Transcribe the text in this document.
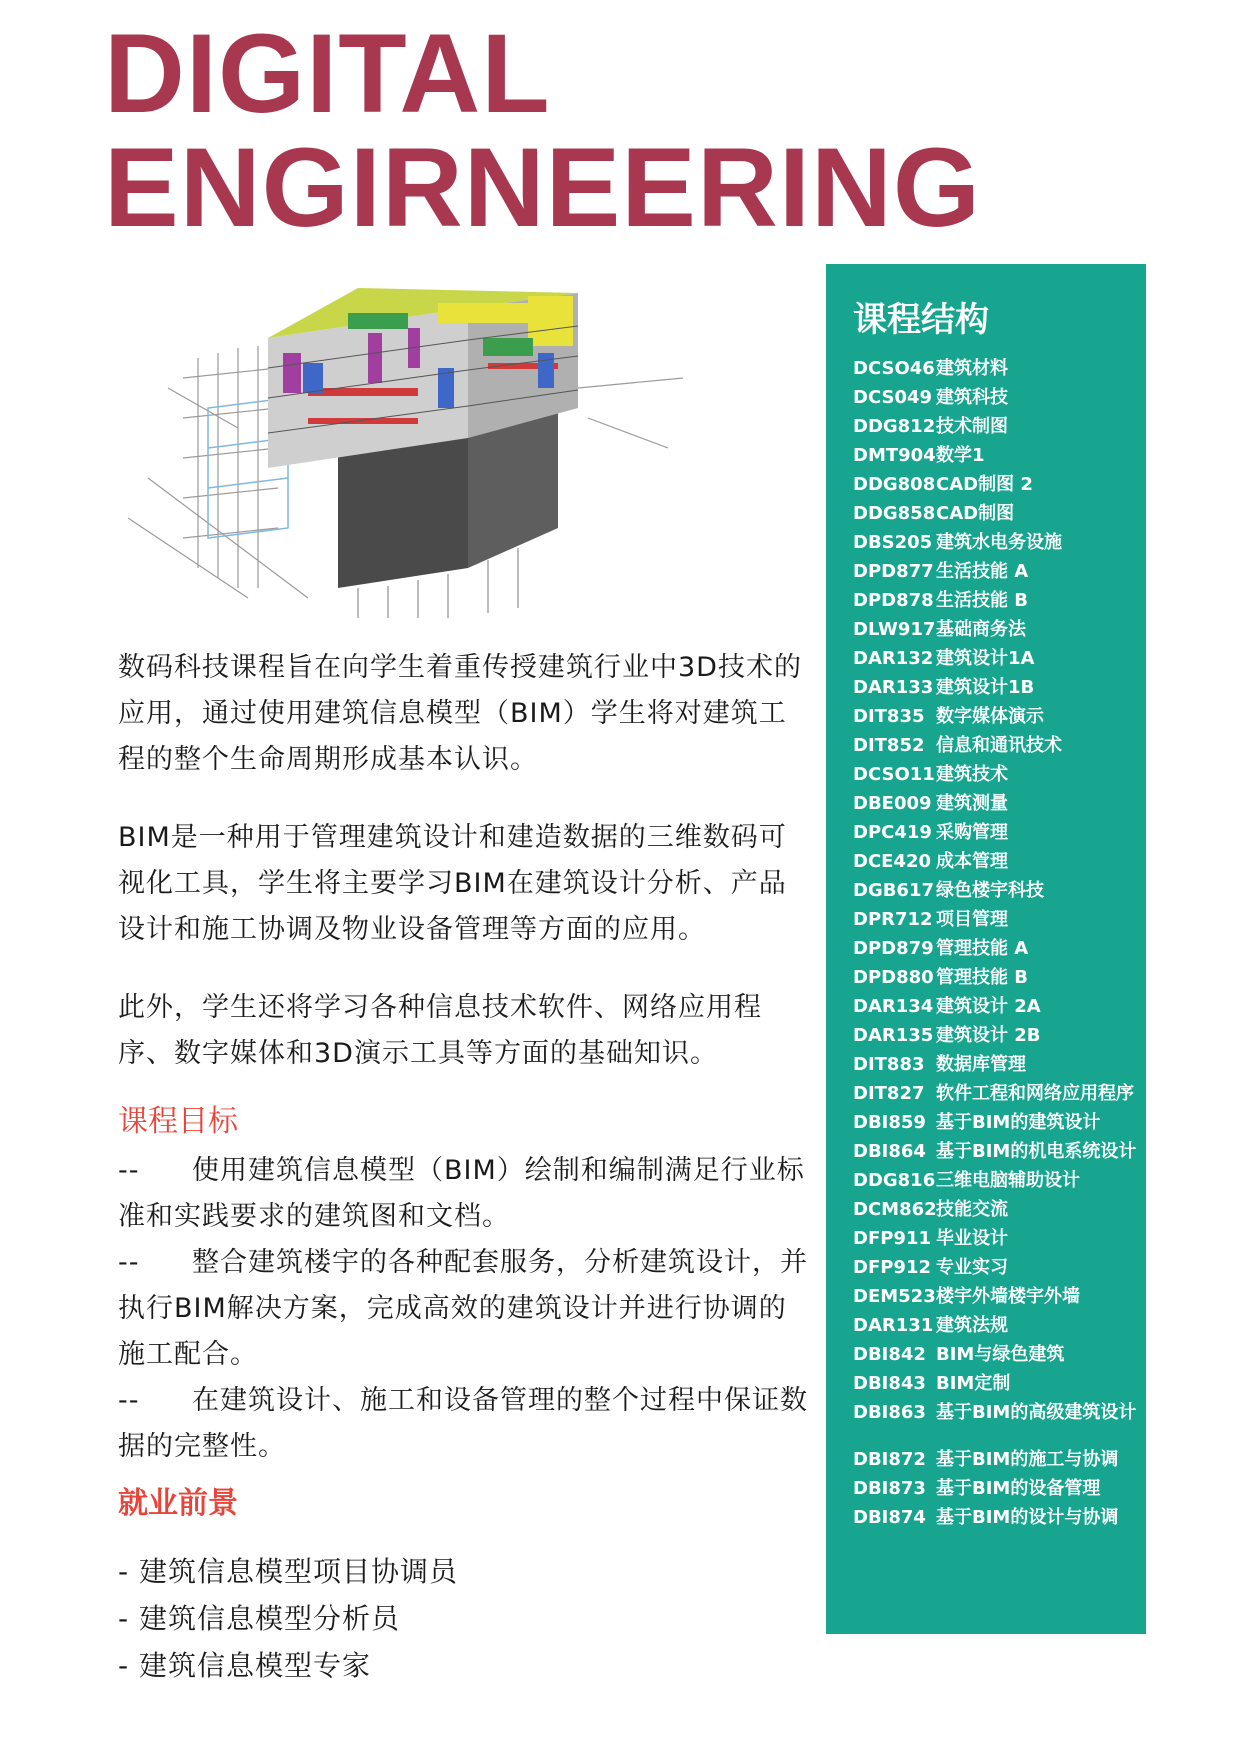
DIGITAL
ENGIRNEERING
数码科技课程旨在向学生着重传授建筑行业中3D技术的应用，通过使用建筑信息模型（BIM）学生将对建筑工程的整个生命周期形成基本认识。
BIM是一种用于管理建筑设计和建造数据的三维数码可视化工具，学生将主要学习BIM在建筑设计分析、产品设计和施工协调及物业设备管理等方面的应用。
此外，学生还将学习各种信息技术软件、网络应用程序、数字媒体和3D演示工具等方面的基础知识。
课程目标
-- 使用建筑信息模型（BIM）绘制和编制满足行业标准和实践要求的建筑图和文档。
-- 整合建筑楼宇的各种配套服务，分析建筑设计，并执行BIM解决方案，完成高效的建筑设计并进行协调的施工配合。
-- 在建筑设计、施工和设备管理的整个过程中保证数据的完整性。
就业前景
- 建筑信息模型项目协调员
- 建筑信息模型分析员
- 建筑信息模型专家
课程结构
DCSO46 建筑材料
DCS049 建筑科技
DDG812 技术制图
DMT904 数学1
DDG808 CAD制图 2
DDG858 CAD制图
DBS205 建筑水电务设施
DPD877 生活技能 A
DPD878 生活技能 B
DLW917 基础商务法
DAR132 建筑设计1A
DAR133 建筑设计1B
DIT835 数字媒体演示
DIT852 信息和通讯技术
DCSO11 建筑技术
DBE009 建筑测量
DPC419 采购管理
DCE420 成本管理
DGB617 绿色楼宇科技
DPR712 项目管理
DPD879 管理技能 A
DPD880 管理技能 B
DAR134 建筑设计 2A
DAR135 建筑设计 2B
DIT883 数据库管理
DIT827 软件工程和网络应用程序
DBI859 基于BIM的建筑设计
DBI864 基于BIM的机电系统设计
DDG816 三维电脑辅助设计
DCM862 技能交流
DFP911 毕业设计
DFP912 专业实习
DEM523 楼宇外墙楼宇外墙
DAR131 建筑法规
DBI842 BIM与绿色建筑
DBI843 BIM定制
DBI863 基于BIM的高级建筑设计
DBI872 基于BIM的施工与协调
DBI873 基于BIM的设备管理
DBI874 基于BIM的设计与协调
